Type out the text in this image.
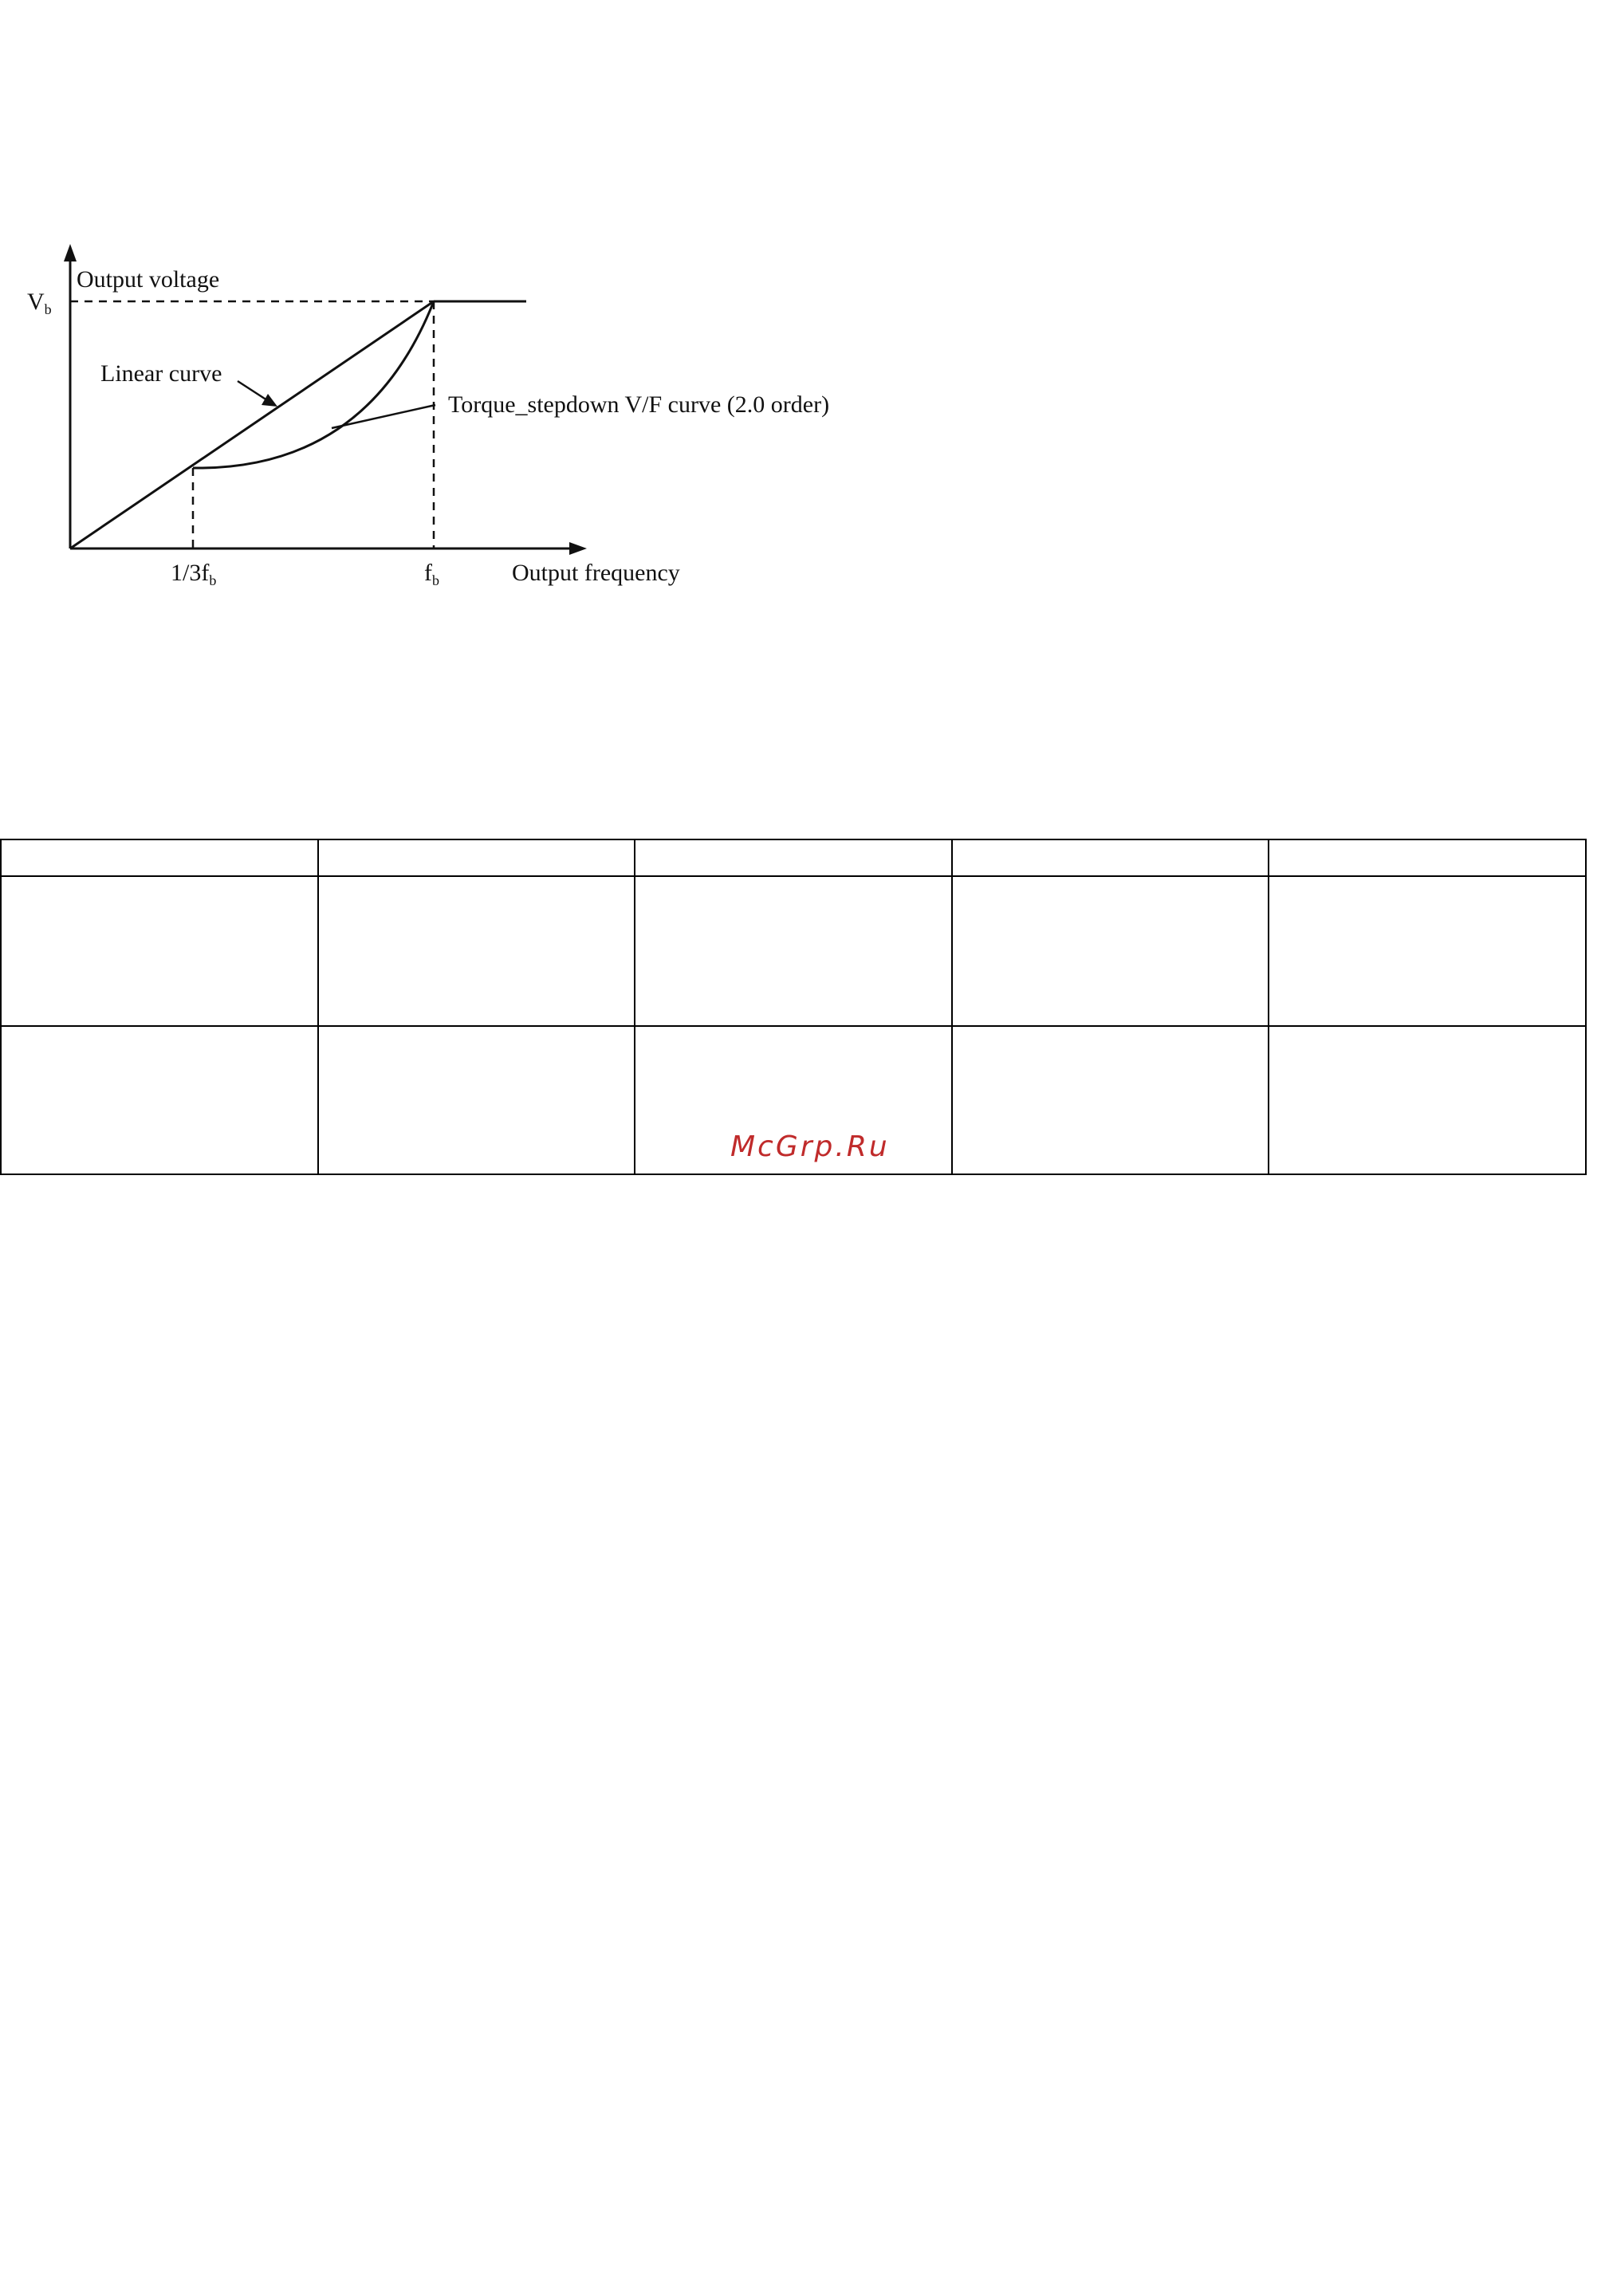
Output voltage
Vb
Linear curve
Torque_stepdown V/F curve (2.0 order)
1/3fb	fb	Output frequency

McGrp.Ru
